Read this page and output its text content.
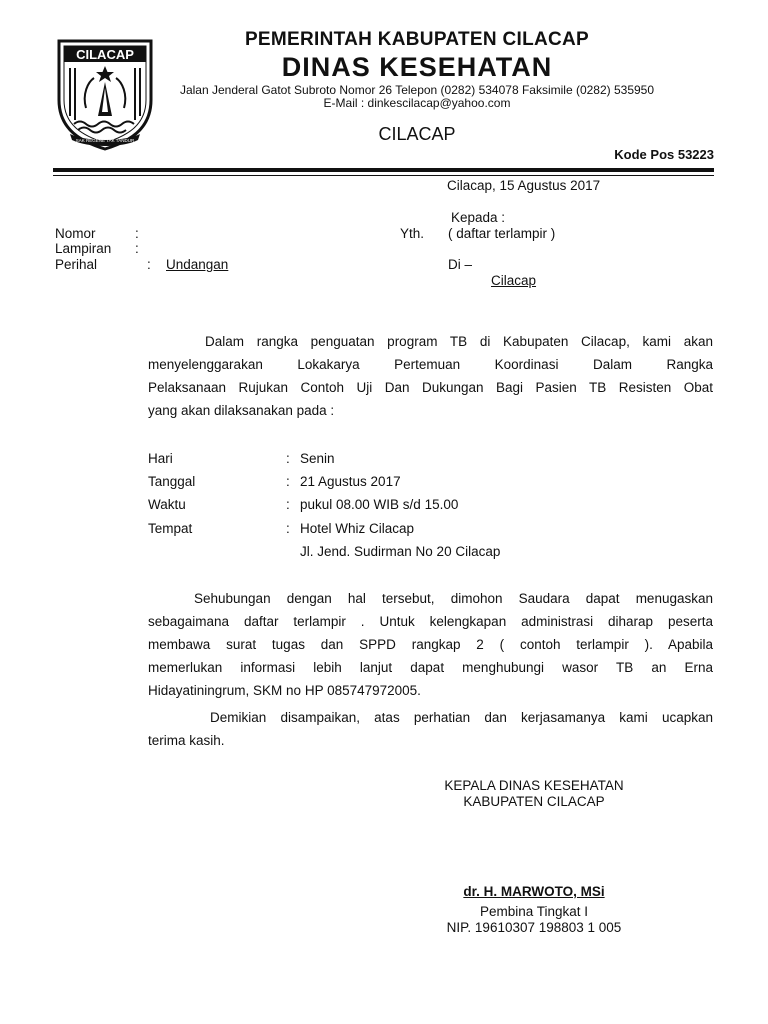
CILACAP
SAK REGENE TAK TANDUR
PEMERINTAH KABUPATEN CILACAP
DINAS KESEHATAN
Jalan Jenderal Gatot Subroto Nomor 26 Telepon (0282) 534078 Faksimile (0282) 535950
E-Mail : dinkescilacap@yahoo.com
CILACAP
Kode Pos 53223
Cilacap, 15 Agustus 2017
Kepada :
Yth. ( daftar terlampir )
Di –
Cilacap
Nomor	:
Lampiran :
Perihal	: Undangan
Dalam rangka penguatan program TB di Kabupaten Cilacap, kami akan
menyelenggarakan Lokakarya Pertemuan Koordinasi Dalam Rangka
Pelaksanaan Rujukan Contoh Uji Dan Dukungan Bagi Pasien TB Resisten Obat
yang akan dilaksanakan pada :
Hari	: Senin
Tanggal	: 21 Agustus 2017
Waktu	: pukul 08.00 WIB s/d 15.00
Tempat	: Hotel Whiz Cilacap
Jl. Jend. Sudirman No 20 Cilacap
Sehubungan dengan hal tersebut, dimohon Saudara dapat menugaskan
sebagaimana daftar terlampir . Untuk kelengkapan administrasi diharap peserta
membawa surat tugas dan SPPD rangkap 2 ( contoh terlampir ). Apabila
memerlukan informasi lebih lanjut dapat menghubungi wasor TB an Erna
Hidayatiningrum, SKM no HP 085747972005.
Demikian disampaikan, atas perhatian dan kerjasamanya kami ucapkan
terima kasih.
KEPALA DINAS KESEHATAN
KABUPATEN CILACAP
dr. H. MARWOTO, MSi
Pembina Tingkat I
NIP. 19610307 198803 1 005
